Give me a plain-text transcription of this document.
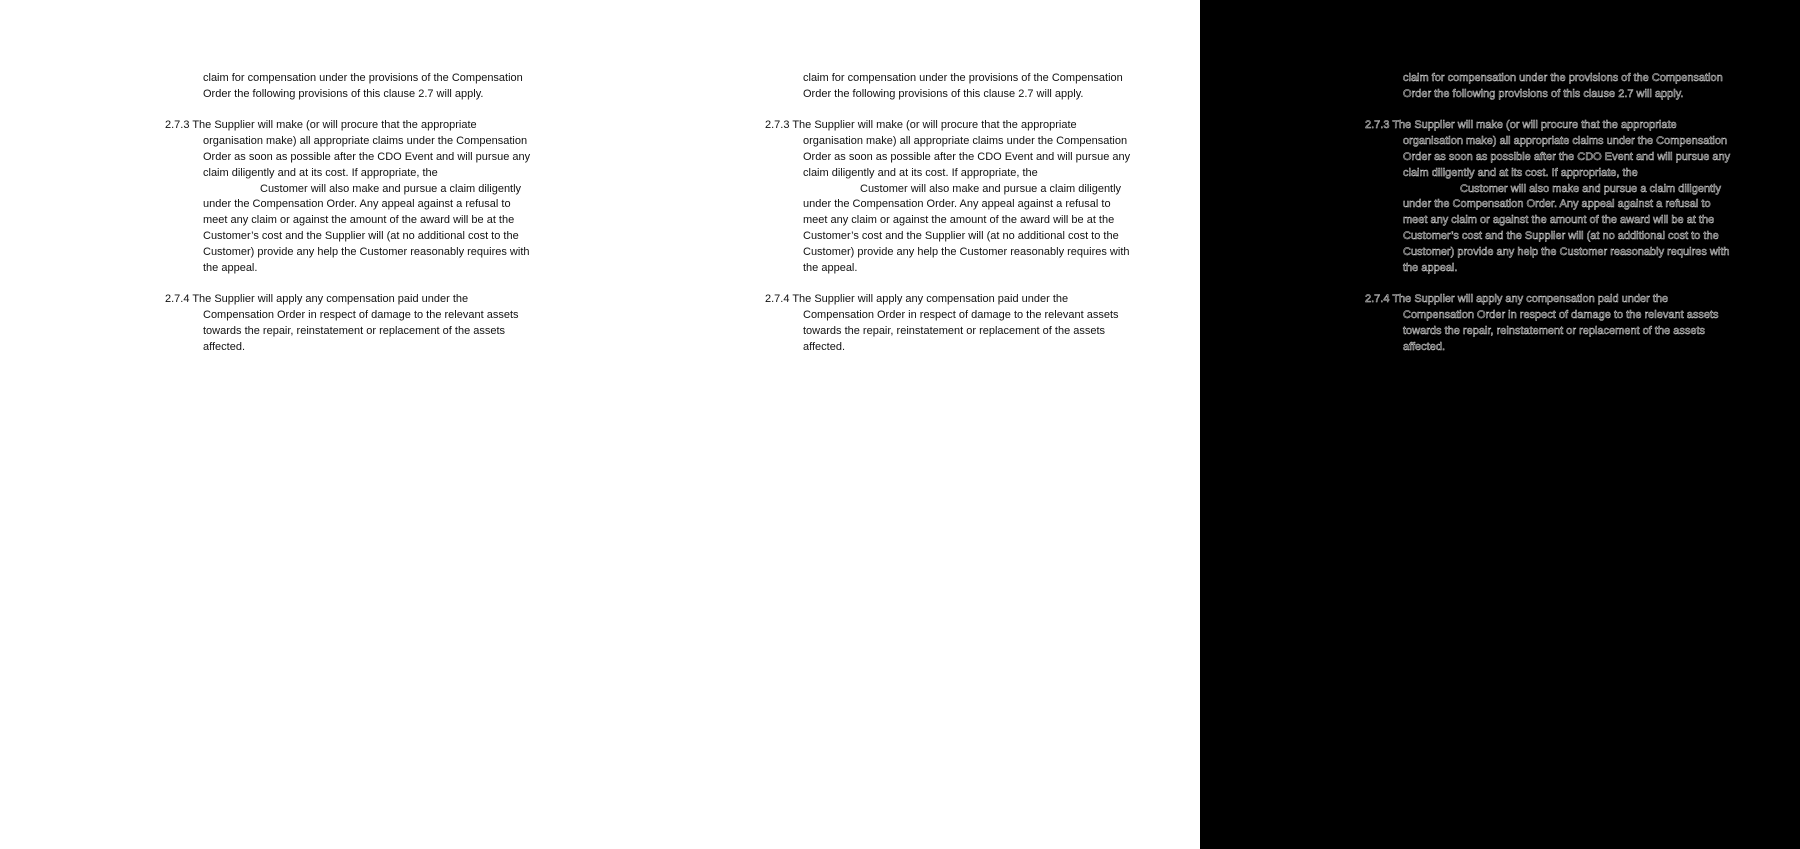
claim for compensation under the provisions of the Compensation
Order the following provisions of this clause 2.7 will apply.
2.7.3 The Supplier will make (or will procure that the appropriate
organisation make) all appropriate claims under the Compensation
Order as soon as possible after the CDO Event and will pursue any
claim diligently and at its cost. If appropriate, the
Customer will also make and pursue a claim diligently
under the Compensation Order. Any appeal against a refusal to
meet any claim or against the amount of the award will be at the
Customer’s cost and the Supplier will (at no additional cost to the
Customer) provide any help the Customer reasonably requires with
the appeal.
2.7.4 The Supplier will apply any compensation paid under the
Compensation Order in respect of damage to the relevant assets
towards the repair, reinstatement or replacement of the assets
affected.
claim for compensation under the provisions of the Compensation
Order the following provisions of this clause 2.7 will apply.
2.7.3 The Supplier will make (or will procure that the appropriate
organisation make) all appropriate claims under the Compensation
Order as soon as possible after the CDO Event and will pursue any
claim diligently and at its cost. If appropriate, the
Customer will also make and pursue a claim diligently
under the Compensation Order. Any appeal against a refusal to
meet any claim or against the amount of the award will be at the
Customer’s cost and the Supplier will (at no additional cost to the
Customer) provide any help the Customer reasonably requires with
the appeal.
2.7.4 The Supplier will apply any compensation paid under the
Compensation Order in respect of damage to the relevant assets
towards the repair, reinstatement or replacement of the assets
affected.
claim for compensation under the provisions of the Compensation
Order the following provisions of this clause 2.7 will apply.
2.7.3 The Supplier will make (or will procure that the appropriate
organisation make) all appropriate claims under the Compensation
Order as soon as possible after the CDO Event and will pursue any
claim diligently and at its cost. If appropriate, the
Customer will also make and pursue a claim diligently
under the Compensation Order. Any appeal against a refusal to
meet any claim or against the amount of the award will be at the
Customer’s cost and the Supplier will (at no additional cost to the
Customer) provide any help the Customer reasonably requires with
the appeal.
2.7.4 The Supplier will apply any compensation paid under the
Compensation Order in respect of damage to the relevant assets
towards the repair, reinstatement or replacement of the assets
affected.
